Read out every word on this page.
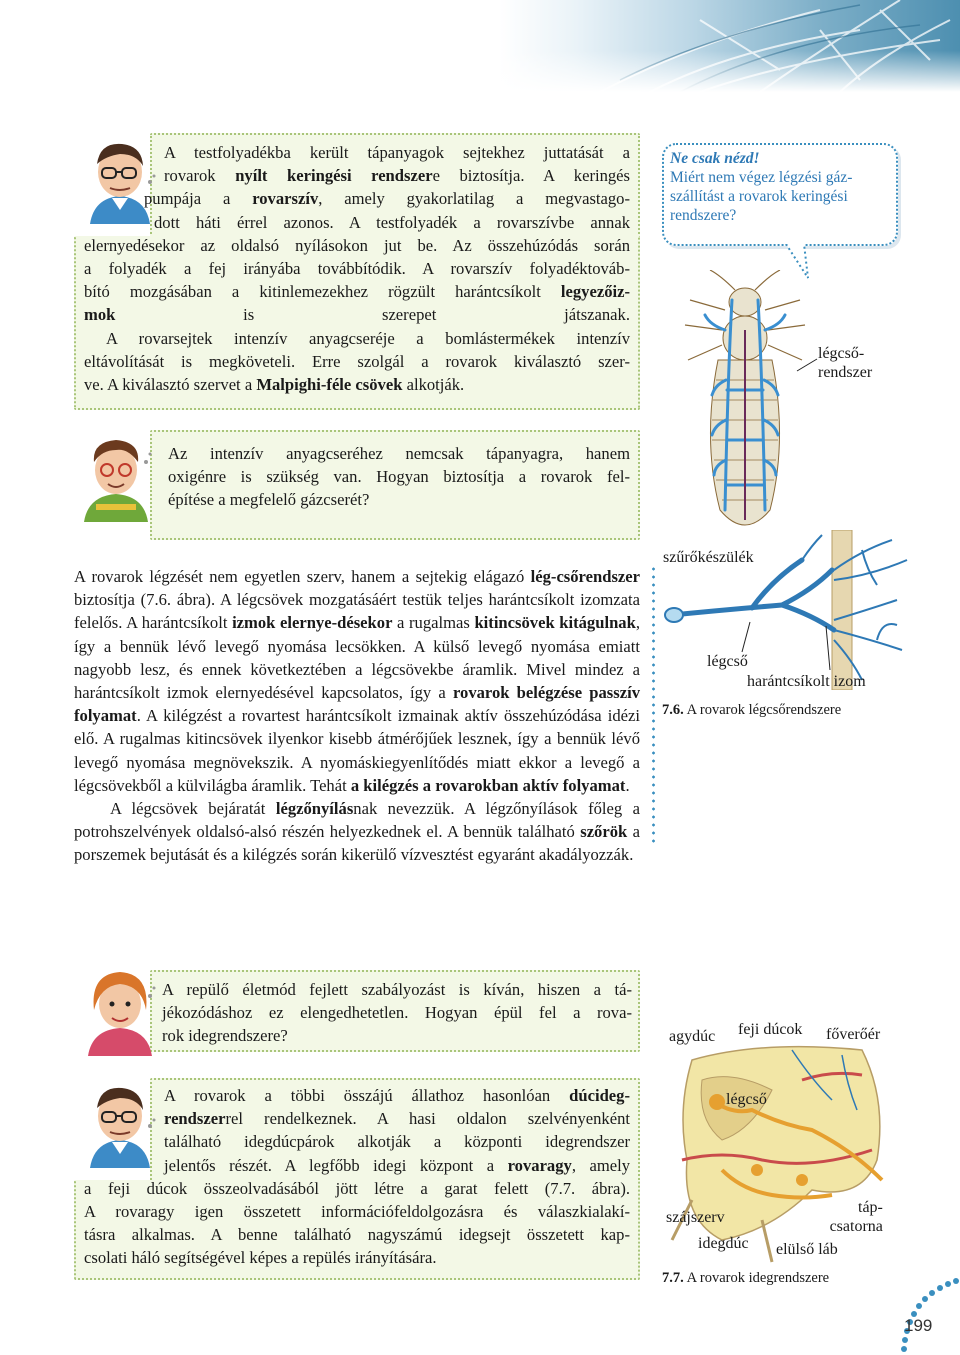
A testfolyadékba került tápanyagok sejtekhez juttatását a
rovarok nyílt keringési rendszere biztosítja. A keringés
pumpája a rovarszív, amely gyakorlatilag a megvastago-
dott háti érrel azonos. A testfolyadék a rovarszívbe annak
elernyedésekor az oldalsó nyílásokon jut be. Az összehúzódás során
a folyadék a fej irányába továbbítódik. A rovarszív folyadéktováb-
bító mozgásában a kitinlemezekhez rögzült harántcsíkolt legyezőiz-
mok is szerepet játszanak.
A rovarsejtek intenzív anyagcseréje a bomlástermékek intenzív
eltávolítását is megköveteli. Erre szolgál a rovarok kiválasztó szer-
ve. A kiválasztó szervet a Malpighi-féle csövek alkotják.
Az intenzív anyagcseréhez nemcsak tápanyagra, hanem
oxigénre is szükség van. Hogyan biztosítja a rovarok fel-
építése a megfelelő gázcserét?

A rovarok légzését nem egyetlen szerv, hanem a sejtekig elágazó lég-csőrendszer biztosítja (7.6. ábra). A légcsövek mozgatásáért testük teljes harántcsíkolt izomzata felelős. A harántcsíkolt izmok elernye-désekor a rugalmas kitincsövek kitágulnak, így a bennük lévő levegő nyomása lecsökken. A külső levegő nyomása emiatt nagyobb lesz, és ennek következtében a légcsövekbe áramlik. Mivel mindez a harántcsíkolt izmok elernyedésével kapcsolatos, így a rovarok belégzése passzív folyamat. A kilégzést a rovartest harántcsíkolt izmainak aktív összehúzódása idézi elő. A rugalmas kitincsövek ilyenkor kisebb átmérőjűek lesznek, így a bennük lévő levegő nyomása megnövekszik. A nyomáskiegyenlítődés miatt ekkor a levegő a légcsövekből a külvilágba áramlik. Tehát a kilégzés a rovarokban aktív folyamat.

A légcsövek bejáratát légzőnyílásnak nevezzük. A légzőnyílások főleg a potrohszelvények oldalsó-alsó részén helyezkednek el. A bennük található szőrök a porszemek bejutását és a kilégzés során kikerülő vízvesztést egyaránt akadályozzák.

A repülő életmód fejlett szabályozást is kíván, hiszen a tá-
jékozódáshoz ez elengedhetetlen. Hogyan épül fel a rova-
rok idegrendszere?
A rovarok a többi összájú állathoz hasonlóan dúcideg-
rendszerrel rendelkeznek. A hasi oldalon szelvényenként
található idegdúcpárok alkotják a központi idegrendszer
jelentős részét. A legfőbb idegi központ a rovaragy, amely
a feji dúcok összeolvadásából jött létre a garat felett (7.7. ábra).
A rovaragy igen összetett információfeldolgozásra és válaszkialakí-
tásra alkalmas. A benne található nagyszámú idegsejt összetett kap-
csolati háló segítségével képes a repülés irányítására.
Ne csak nézd!
Miért nem végez légzési gáz-
szállítást a rovarok keringési
rendszere?
légcső-
rendszer
szűrőkészülék
légcső
harántcsíkolt izom
7.6. A rovarok légcsőrendszere
agydúc feji dúcok főverőér
légcső
szájszerv
idegdúc elülső láb
táp-
csatorna
7.7. A rovarok idegrendszere
199
